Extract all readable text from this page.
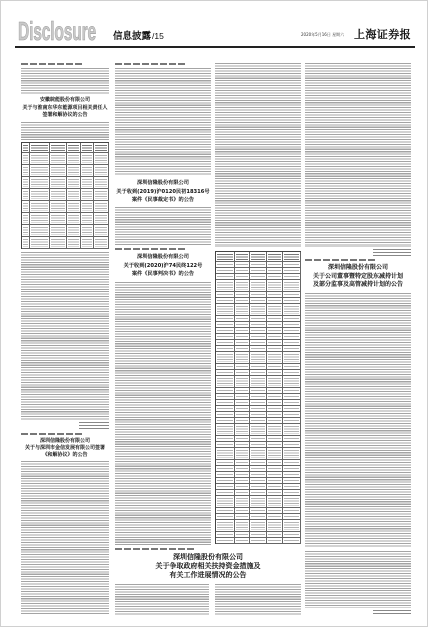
Disclosure 信息披露 /15	2020年5月16日 星期六 上海证券报
安徽皖能股份有限公司
关于与淮南东华东能源项目相关责任人
签署和解协议的公告
深圳信隆股份有限公司
关于与深圳市金信发展有限公司签署
《和解协议》的公告
深圳信隆股份有限公司
关于收到(2019)沪0120民初18316号
案件《民事裁定书》的公告
深圳信隆股份有限公司
关于收到(2020)沪74民终122号
案件《民事判决书》的公告
深圳信隆股份有限公司
关于争取政府相关扶持资金措施及
有关工作进展情况的公告
深圳信隆股份有限公司
关于公司董事暨特定股东减持计划
及部分监事及高管减持计划的公告
